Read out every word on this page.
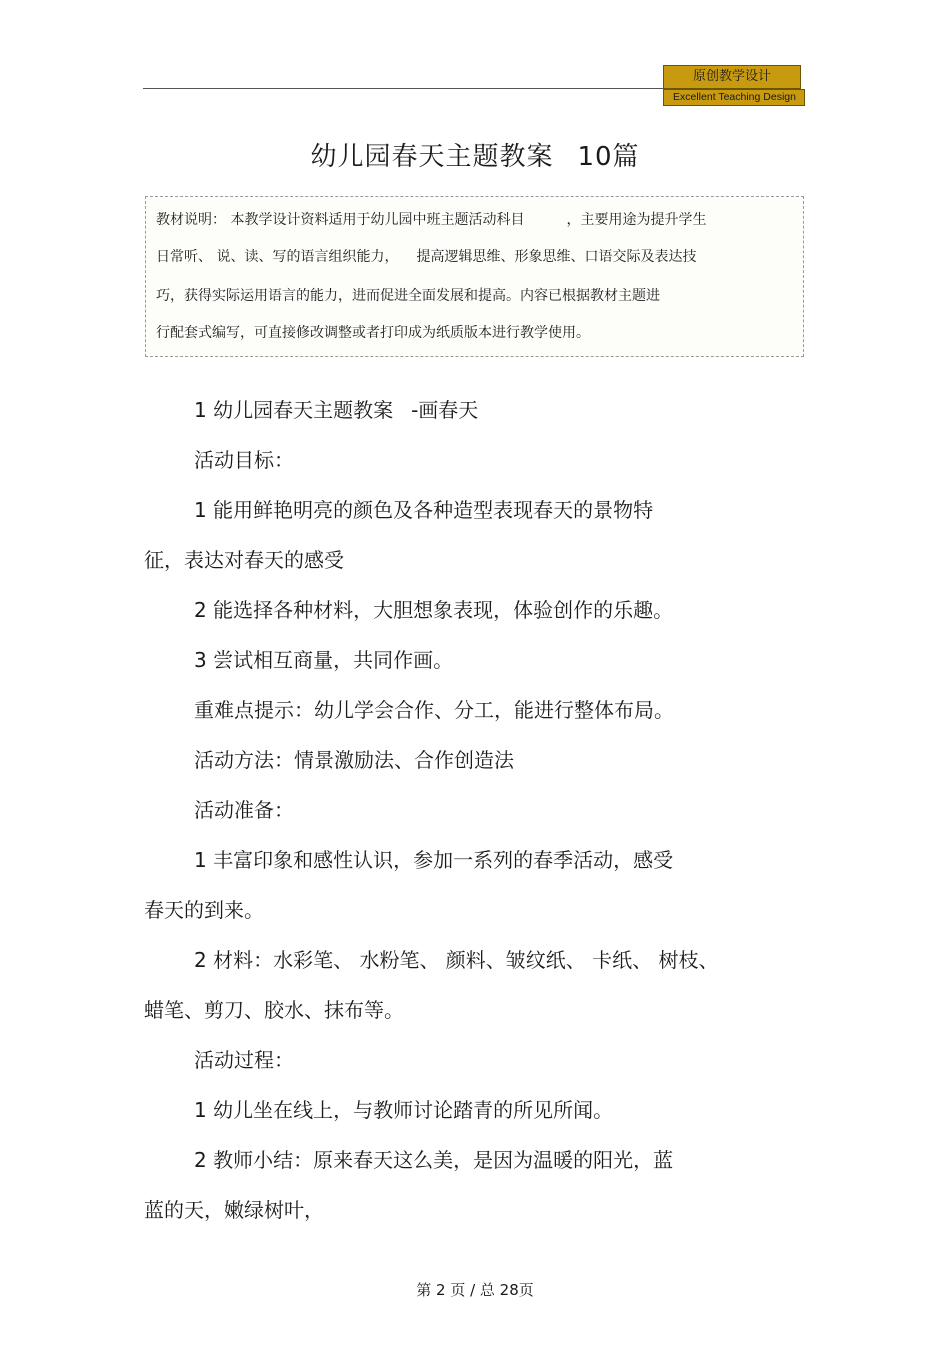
原创教学设计
Excellent Teaching Design
幼儿园春天主题教案 10篇
教材说明： 本教学设计资料适用于幼儿园中班主题活动科目	，主要用途为提升学生
日常听、 说、读、写的语言组织能力， 提高逻辑思维、形象思维、口语交际及表达技
巧，获得实际运用语言的能力，进而促进全面发展和提高。内容已根据教材主题进
行配套式编写，可直接修改调整或者打印成为纸质版本进行教学使用。
1 幼儿园春天主题教案 -画春天
活动目标：
1 能用鲜艳明亮的颜色及各种造型表现春天的景物特
征，表达对春天的感受
2 能选择各种材料，大胆想象表现，体验创作的乐趣。
3 尝试相互商量，共同作画。
重难点提示：幼儿学会合作、分工，能进行整体布局。
活动方法：情景激励法、合作创造法
活动准备：
1 丰富印象和感性认识，参加一系列的春季活动，感受
春天的到来。
2 材料：水彩笔、 水粉笔、 颜料、皱纹纸、 卡纸、 树枝、
蜡笔、剪刀、胶水、抹布等。
活动过程：
1 幼儿坐在线上，与教师讨论踏青的所见所闻。
2 教师小结：原来春天这么美，是因为温暖的阳光，蓝
蓝的天，嫩绿树叶，
第 2 页 / 总 28页
